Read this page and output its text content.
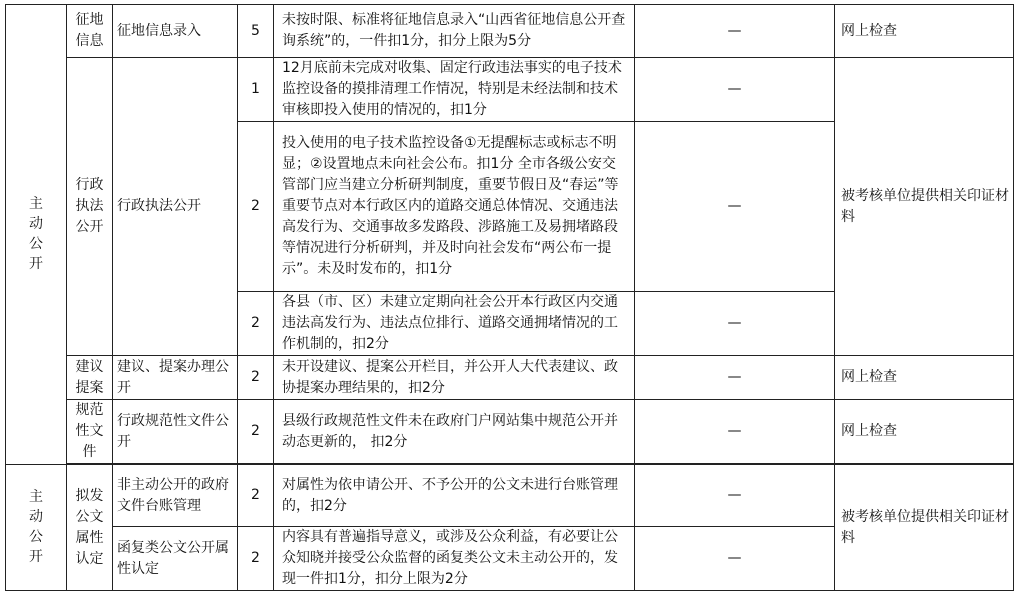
主动公开	征地信息	征地信息录入	5	未按时限、标准将征地信息录入“山西省征地信息公开查询系统”的，一件扣1分，扣分上限为5分	—	网上检查
	行政执法公开	行政执法公开	1	12月底前未完成对收集、固定行政违法事实的电子技术监控设备的摸排清理工作情况，特别是未经法制和技术审核即投入使用的情况的，扣1分	—	被考核单位提供相关印证材料
			2	投入使用的电子技术监控设备①无提醒标志或标志不明显；②设置地点未向社会公布。扣1分 全市各级公安交管部门应当建立分析研判制度，重要节假日及“春运”等重要节点对本行政区内的道路交通总体情况、交通违法高发行为、交通事故多发路段、涉路施工及易拥堵路段等情况进行分析研判，并及时向社会发布“两公布一提示”。未及时发布的，扣1分	—	
			2	各县（市、区）未建立定期向社会公开本行政区内交通违法高发行为、违法点位排行、道路交通拥堵情况的工作机制的，扣2分	—	
	建议提案	建议、提案办理公开	2	未开设建议、提案公开栏目，并公开人大代表建议、政协提案办理结果的，扣2分	—	网上检查
	规范性文件	行政规范性文件公开	2	县级行政规范性文件未在政府门户网站集中规范公开并动态更新的， 扣2分	—	网上检查

主动公开	拟发公文属性认定	非主动公开的政府文件台账管理	2	对属性为依申请公开、不予公开的公文未进行台账管理的，扣2分	—	被考核单位提供相关印证材料
		函复类公文公开属性认定	2	内容具有普遍指导意义，或涉及公众利益，有必要让公众知晓并接受公众监督的函复类公文未主动公开的，发现一件扣1分，扣分上限为2分	—	
